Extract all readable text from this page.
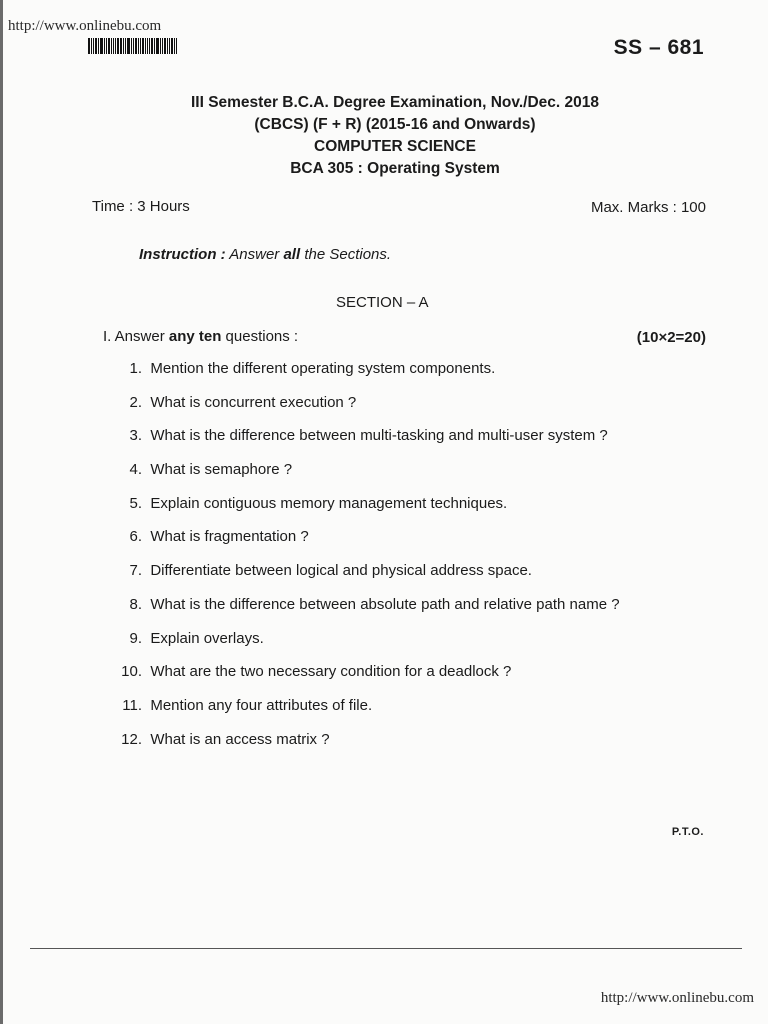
http://www.onlinebu.com
SS – 681
III Semester B.C.A. Degree Examination, Nov./Dec. 2018
(CBCS) (F + R) (2015-16 and Onwards)
COMPUTER SCIENCE
BCA 305 : Operating System
Time : 3 Hours	Max. Marks : 100
Instruction : Answer all the Sections.
SECTION – A
I. Answer any ten questions :	(10×2=20)
1.
Mention the different operating system components.
2.
What is concurrent execution ?
3.
What is the difference between multi-tasking and multi-user system ?
4.
What is semaphore ?
5.
Explain contiguous memory management techniques.
6.
What is fragmentation ?
7.
Differentiate between logical and physical address space.
8.
What is the difference between absolute path and relative path name ?
9.
Explain overlays.
10.
What are the two necessary condition for a deadlock ?
11.
Mention any four attributes of file.
12.
What is an access matrix ?
P.T.O.
http://www.onlinebu.com
